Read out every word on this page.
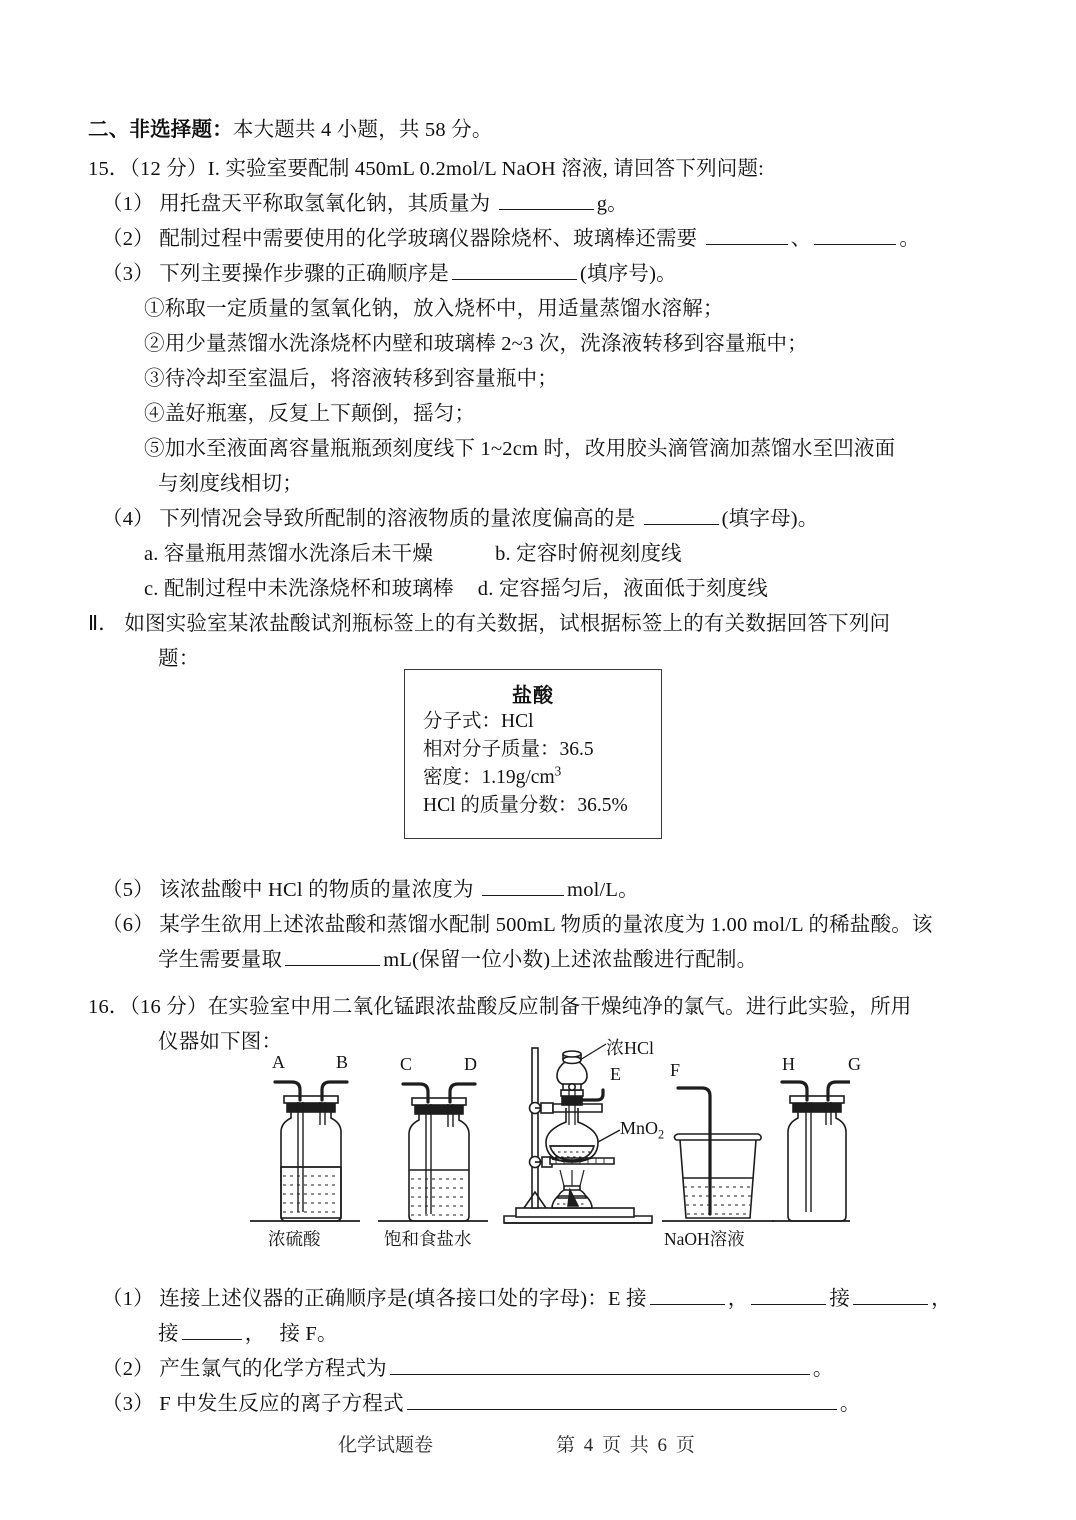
二、非选择题：本大题共 4 小题，共 58 分。
15．（12 分）I. 实验室要配制 450mL 0.2mol/L NaOH 溶液, 请回答下列问题:
（1） 用托盘天平称取氢氧化钠，其质量为	g。
（2） 配制过程中需要使用的化学玻璃仪器除烧杯、玻璃棒还需要	、	。
（3） 下列主要操作步骤的正确顺序是	(填序号)。
①称取一定质量的氢氧化钠，放入烧杯中，用适量蒸馏水溶解；
②用少量蒸馏水洗涤烧杯内壁和玻璃棒 2~3 次，洗涤液转移到容量瓶中；
③待冷却至室温后，将溶液转移到容量瓶中；
④盖好瓶塞，反复上下颠倒，摇匀；
⑤加水至液面离容量瓶瓶颈刻度线下 1~2cm 时，改用胶头滴管滴加蒸馏水至凹液面
与刻度线相切；
（4） 下列情况会导致所配制的溶液物质的量浓度偏高的是	(填字母)。
a. 容量瓶用蒸馏水洗涤后未干燥	b. 定容时俯视刻度线
c. 配制过程中未洗涤烧杯和玻璃棒 d. 定容摇匀后，液面低于刻度线
Ⅱ． 如图实验室某浓盐酸试剂瓶标签上的有关数据，试根据标签上的有关数据回答下列问
题：
（5） 该浓盐酸中 HCl 的物质的量浓度为	mol/L。
（6） 某学生欲用上述浓盐酸和蒸馏水配制 500mL 物质的量浓度为 1.00 mol/L 的稀盐酸。该
学生需要量取	mL(保留一位小数)上述浓盐酸进行配制。
16．（16 分）在实验室中用二氧化锰跟浓盐酸反应制备干燥纯净的氯气。进行此实验，所用
仪器如下图：
（1） 连接上述仪器的正确顺序是(填各接口处的字母)：E 接	，	接	，
接	， 接 F。
（2） 产生氯气的化学方程式为	。
（3） F 中发生反应的离子方程式	。
盐酸
分子式：HCl
相对分子质量：36.5
密度：$1.19g/cm^3$
HCl 的质量分数：36.5%
A	B	C	D	E	F	H	G
浓HCl
MnO$_2$
浓硫酸	饱和食盐水	NaOH溶液
化学试题卷	第 4 页 共 6 页
